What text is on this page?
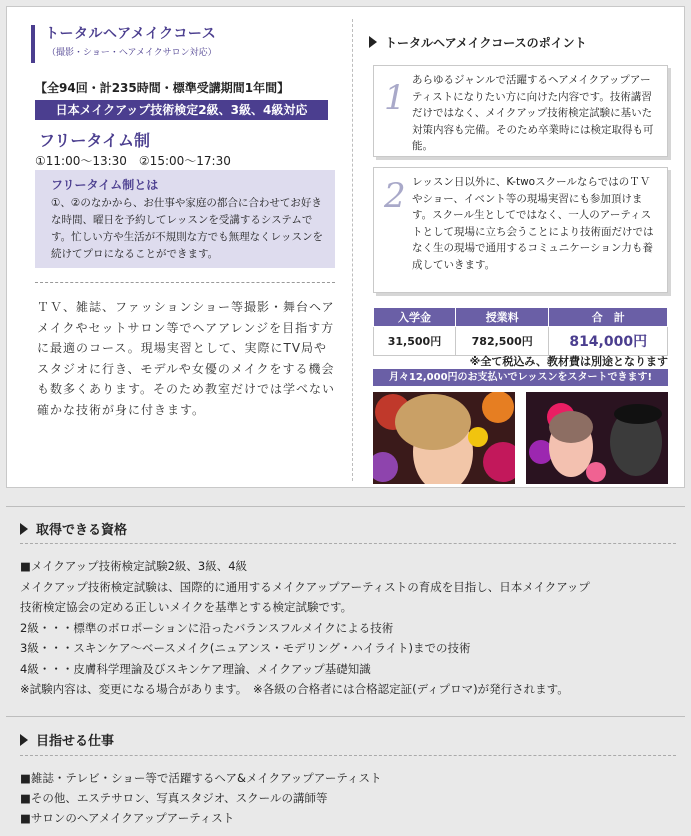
トータルヘアメイクコース
（撮影・ショー・ヘアメイクサロン対応）
【全94回・計235時間・標準受講期間1年間】
日本メイクアップ技術検定2級、3級、4級対応
フリータイム制
①11:00～13:30　②15:00～17:30
フリータイム制とは
①、②のなかから、お仕事や家庭の都合に合わせてお好きな時間、曜日を予約してレッスンを受講するシステムです。忙しい方や生活が不規則な方でも無理なくレッスンを続けてプロになることができます。
ＴＶ、雑誌、ファッションショー等撮影・舞台ヘアメイクやセットサロン等でヘアアレンジを目指す方に最適のコース。現場実習として、実際にTV局やスタジオに行き、モデルや女優のメイクをする機会も数多くあります。そのため教室だけでは学べない確かな技術が身に付きます。
トータルヘアメイクコースのポイント
1 あらゆるジャンルで活躍するヘアメイクアップアーティストになりたい方に向けた内容です。技術講習だけではなく、メイクアップ技術検定試験に基いた対策内容も完備。そのため卒業時には検定取得も可能。
2 レッスン日以外に、K-twoスクールならではのＴＶやショー、イベント等の現場実習にも参加頂けます。スクール生としてではなく、一人のアーティストとして現場に立ち会うことにより技術面だけではなく生の現場で通用するコミュニケーション力も養成していきます。
入学金	授業料	合　計
31,500円	782,500円	814,000円
※全て税込み、教材費は別途となります
月々12,000円のお支払いでレッスンをスタートできます!
取得できる資格
■メイクアップ技術検定試験2級、3級、4級
メイクアップ技術検定試験は、国際的に通用するメイクアップアーティストの育成を目指し、日本メイクアップ
技術検定協会の定める正しいメイクを基準とする検定試験です。
2級・・・標準のボロポーションに沿ったバランスフルメイクによる技術
3級・・・スキンケア～ベースメイク(ニュアンス・モデリング・ハイライト)までの技術
4級・・・皮膚科学理論及びスキンケア理論、メイクアップ基礎知識
※試験内容は、変更になる場合があります。　※各級の合格者には合格認定証(ディプロマ)が発行されます。
目指せる仕事
■雑誌・テレビ・ショー等で活躍するヘア&メイクアップアーティスト
■その他、エステサロン、写真スタジオ、スクールの講師等
■サロンのヘアメイクアップアーティスト
